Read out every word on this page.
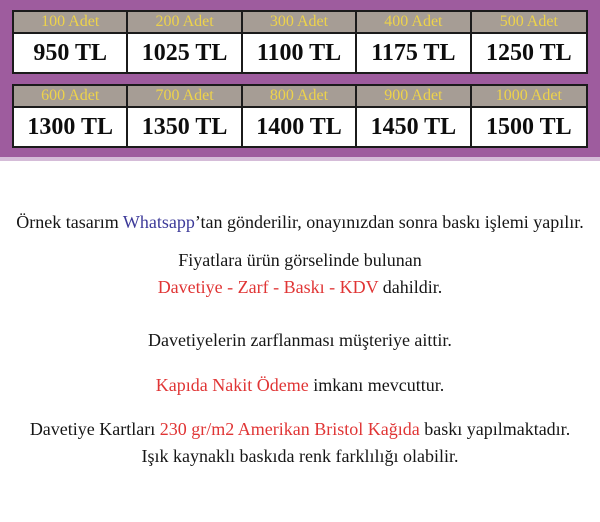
100 Adet	200 Adet	300 Adet	400 Adet	500 Adet
950 TL	1025 TL	1100 TL	1175 TL	1250 TL
600 Adet	700 Adet	800 Adet	900 Adet	1000 Adet
1300 TL	1350 TL	1400 TL	1450 TL	1500 TL
Örnek tasarım Whatsapp’tan gönderilir, onayınızdan sonra baskı işlemi yapılır.
Fiyatlara ürün görselinde bulunan
Davetiye - Zarf - Baskı - KDV dahildir.
Davetiyelerin zarflanması müşteriye aittir.
Kapıda Nakit Ödeme imkanı mevcuttur.
Davetiye Kartları 230 gr/m2 Amerikan Bristol Kağıda baskı yapılmaktadır.
Işık kaynaklı baskıda renk farklılığı olabilir.
